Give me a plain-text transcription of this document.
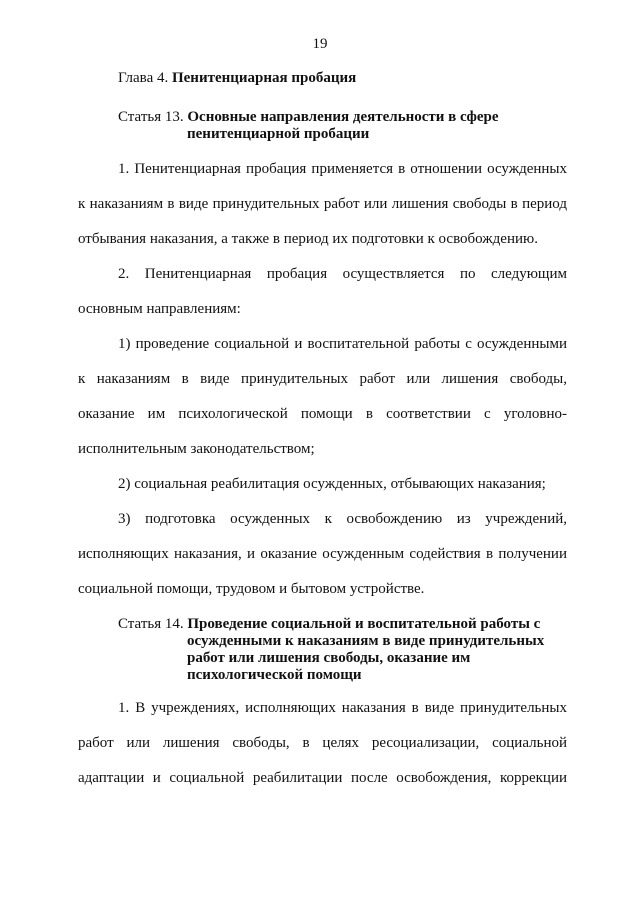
19
Глава 4. Пенитенциарная пробация
Статья 13. Основные направления деятельности в сфере
пенитенциарной пробации
1. Пенитенциарная пробация применяется в отношении осужденных
к наказаниям в виде принудительных работ или лишения свободы в период
отбывания наказания, а также в период их подготовки к освобождению.
2. Пенитенциарная пробация осуществляется по следующим
основным направлениям:
1) проведение социальной и воспитательной работы с осужденными
к наказаниям в виде принудительных работ или лишения свободы,
оказание им психологической помощи в соответствии с уголовно-
исполнительным законодательством;
2) социальная реабилитация осужденных, отбывающих наказания;
3) подготовка осужденных к освобождению из учреждений,
исполняющих наказания, и оказание осужденным содействия в получении
социальной помощи, трудовом и бытовом устройстве.
Статья 14. Проведение социальной и воспитательной работы с
осужденными к наказаниям в виде принудительных
работ или лишения свободы, оказание им
психологической помощи
1. В учреждениях, исполняющих наказания в виде принудительных
работ или лишения свободы, в целях ресоциализации, социальной
адаптации и социальной реабилитации после освобождения, коррекции
